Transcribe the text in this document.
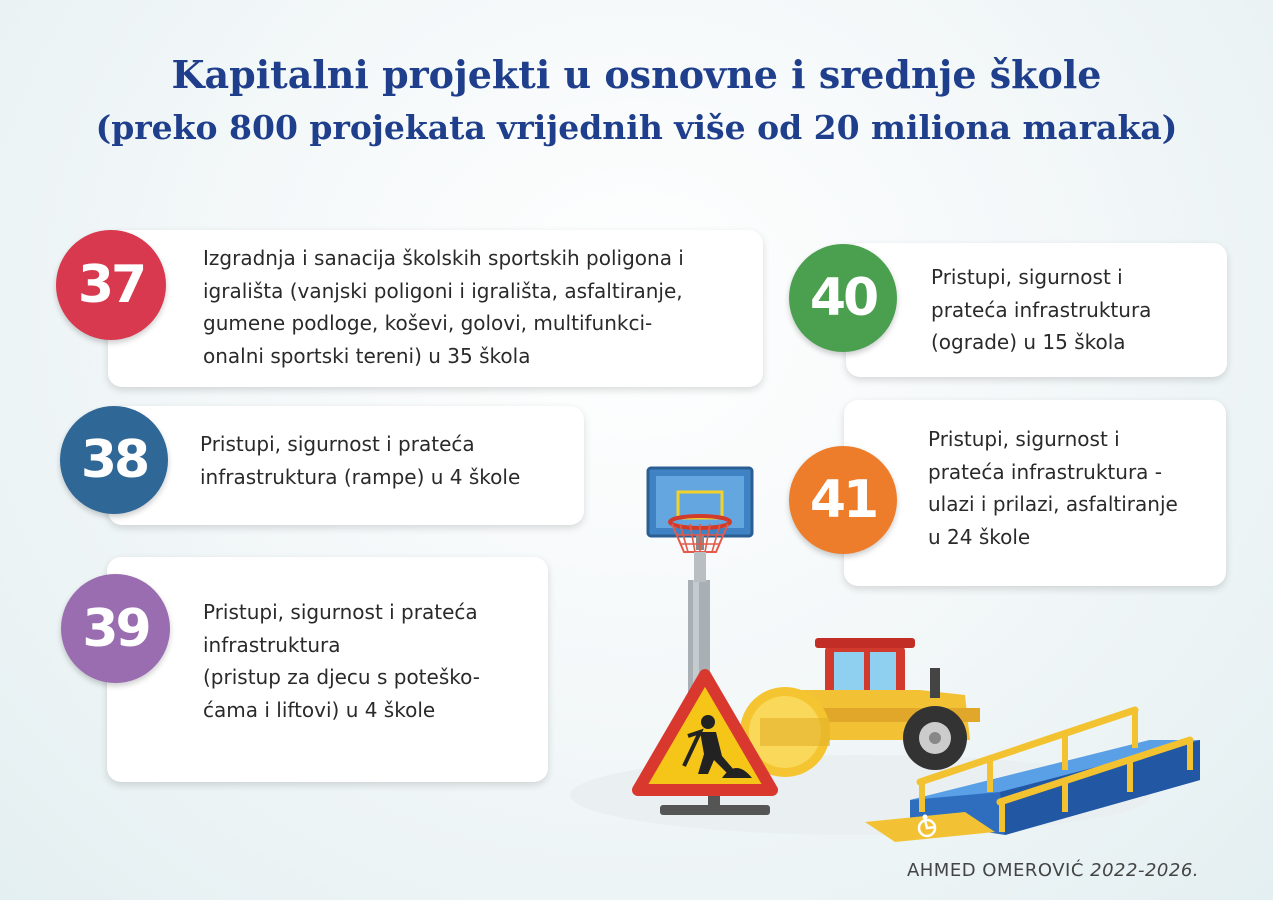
Kapitalni projekti u osnovne i srednje škole
(preko 800 projekata vrijednih više od 20 miliona maraka)
Izgradnja i sanacija školskih sportskih poligona i
igrališta (vanjski poligoni i igrališta, asfaltiranje,
gumene podloge, koševi, golovi, multifunkci-
onalni sportski tereni) u 35 škola
37
Pristupi, sigurnost i prateća
infrastruktura (rampe) u 4 škole
38
Pristupi, sigurnost i prateća
infrastruktura
(pristup za djecu s poteško-
ćama i liftovi) u 4 škole
39
Pristupi, sigurnost i
prateća infrastruktura
(ograde) u 15 škola
40
Pristupi, sigurnost i
prateća infrastruktura -
ulazi i prilazi, asfaltiranje
u 24 škole
41
AHMED OMEROVIĆ 2022-2026.
